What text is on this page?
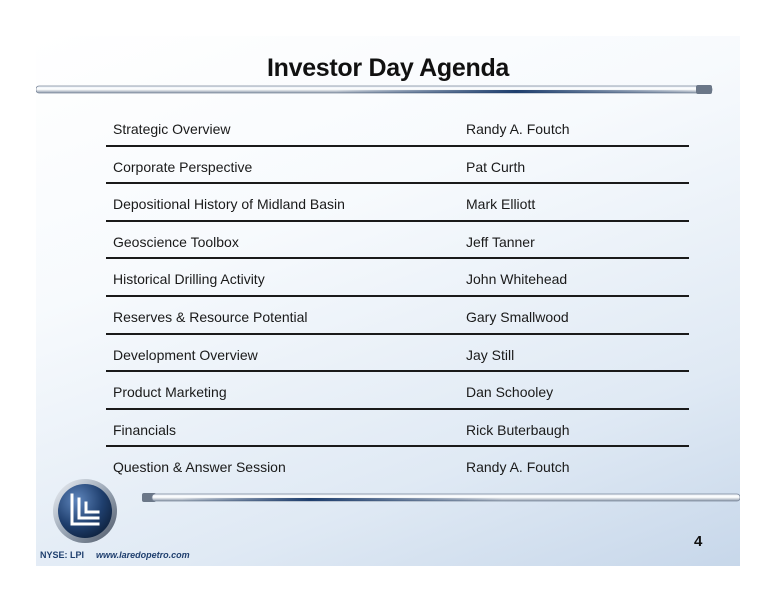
Investor Day Agenda
Strategic Overview	Randy A. Foutch
Corporate Perspective	Pat Curth
Depositional History of Midland Basin	Mark Elliott
Geoscience Toolbox	Jeff Tanner
Historical Drilling Activity	John Whitehead
Reserves & Resource Potential	Gary Smallwood
Development Overview	Jay Still
Product Marketing	Dan Schooley
Financials	Rick Buterbaugh
Question & Answer Session	Randy A. Foutch
4
NYSE: LPI www.laredopetro.com
